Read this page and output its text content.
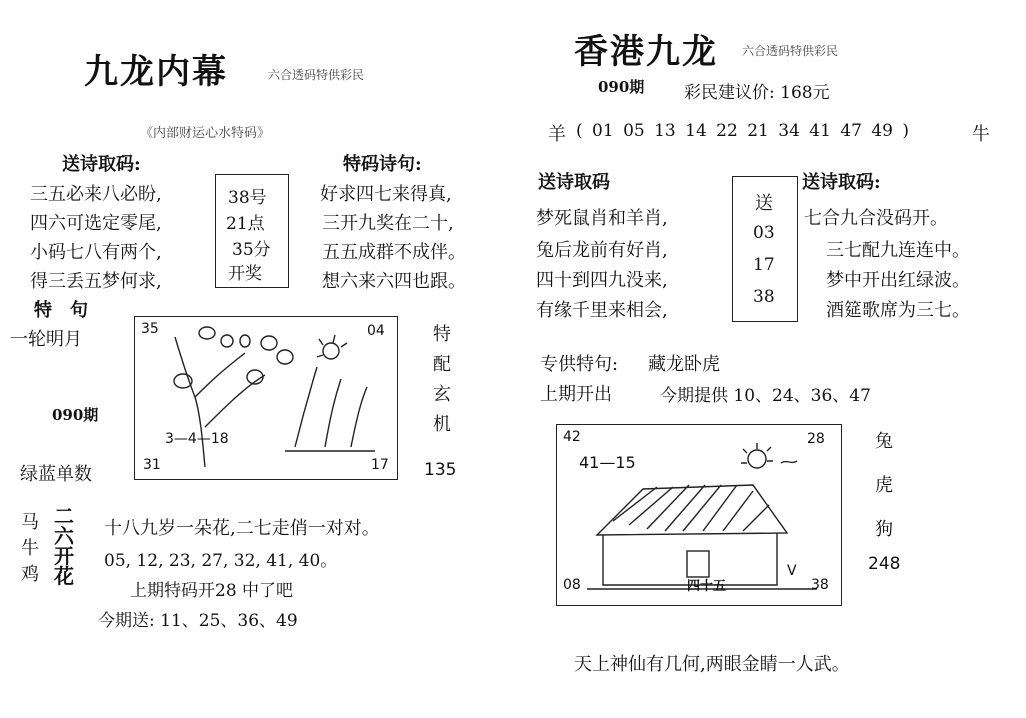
九龙内幕	六合透码特供彩民
《内部财运心水特码》
送诗取码:
三五必来八必盼,
四六可选定零尾,
小码七八有两个,
得三丢五梦何求,
38号
21点
35分
开奖
特码诗句:
好求四七来得真,
三开九奖在二十,
五五成群不成伴。
想六来六四也跟。
特　句
一轮明月
090期
绿蓝单数
35	04
3—4—18
31	17
特
配
玄
机
135
马
牛
鸡
二
六
开
花
十八九岁一朵花,二七走俏一对对。
05, 12, 23, 27, 32, 41, 40。
上期特码开28 中了吧
今期送: 11、25、36、49
香港九龙 六合透码特供彩民
090期 彩民建议价: 168元
羊 ( 01 05 13 14 22 21 34 41 47 49 )	牛
送诗取码
梦死鼠肖和羊肖,
兔后龙前有好肖,
四十到四九没来,
有缘千里来相会,
送
03
17
38
送诗取码:
七合九合没码开。
三七配九连连中。
梦中开出红绿波。
酒筵歌席为三七。
专供特句: 藏龙卧虎
上期开出	今期提供 10、24、36、47
42	28
41—15
四十五
V
08	38
兔
虎
狗
248
天上神仙有几何,两眼金睛一人武。
